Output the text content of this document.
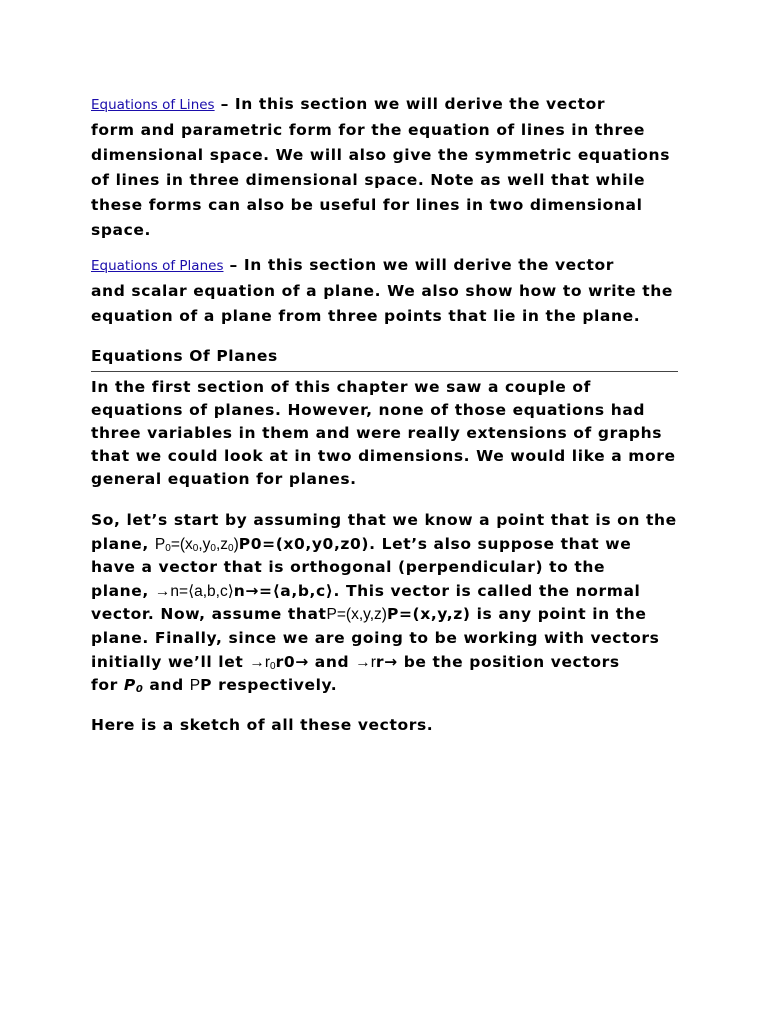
Equations of Lines – In this section we will derive the vector
form and parametric form for the equation of lines in three
dimensional space. We will also give the symmetric equations
of lines in three dimensional space. Note as well that while
these forms can also be useful for lines in two dimensional
space.

Equations of Planes – In this section we will derive the vector
and scalar equation of a plane. We also show how to write the
equation of a plane from three points that lie in the plane.

Equations Of Planes

In the first section of this chapter we saw a couple of
equations of planes. However, none of those equations had
three variables in them and were really extensions of graphs
that we could look at in two dimensions. We would like a more
general equation for planes.

So, let’s start by assuming that we know a point that is on the
plane, $P_0=(x_0,y_0,z_0)P0=(x0,y0,z0)$. Let’s also suppose that we
have a vector that is orthogonal (perpendicular) to the
plane, →n=⟨a,b,c⟩n→=⟨a,b,c⟩. This vector is called the normal
vector. Now, assume thatP=(x,y,z)P=(x,y,z) is any point in the
plane. Finally, since we are going to be working with vectors
initially we’ll let $\to r_0r0\to$ and →rr→ be the position vectors
for $P_0$ and PP respectively.

Here is a sketch of all these vectors.
